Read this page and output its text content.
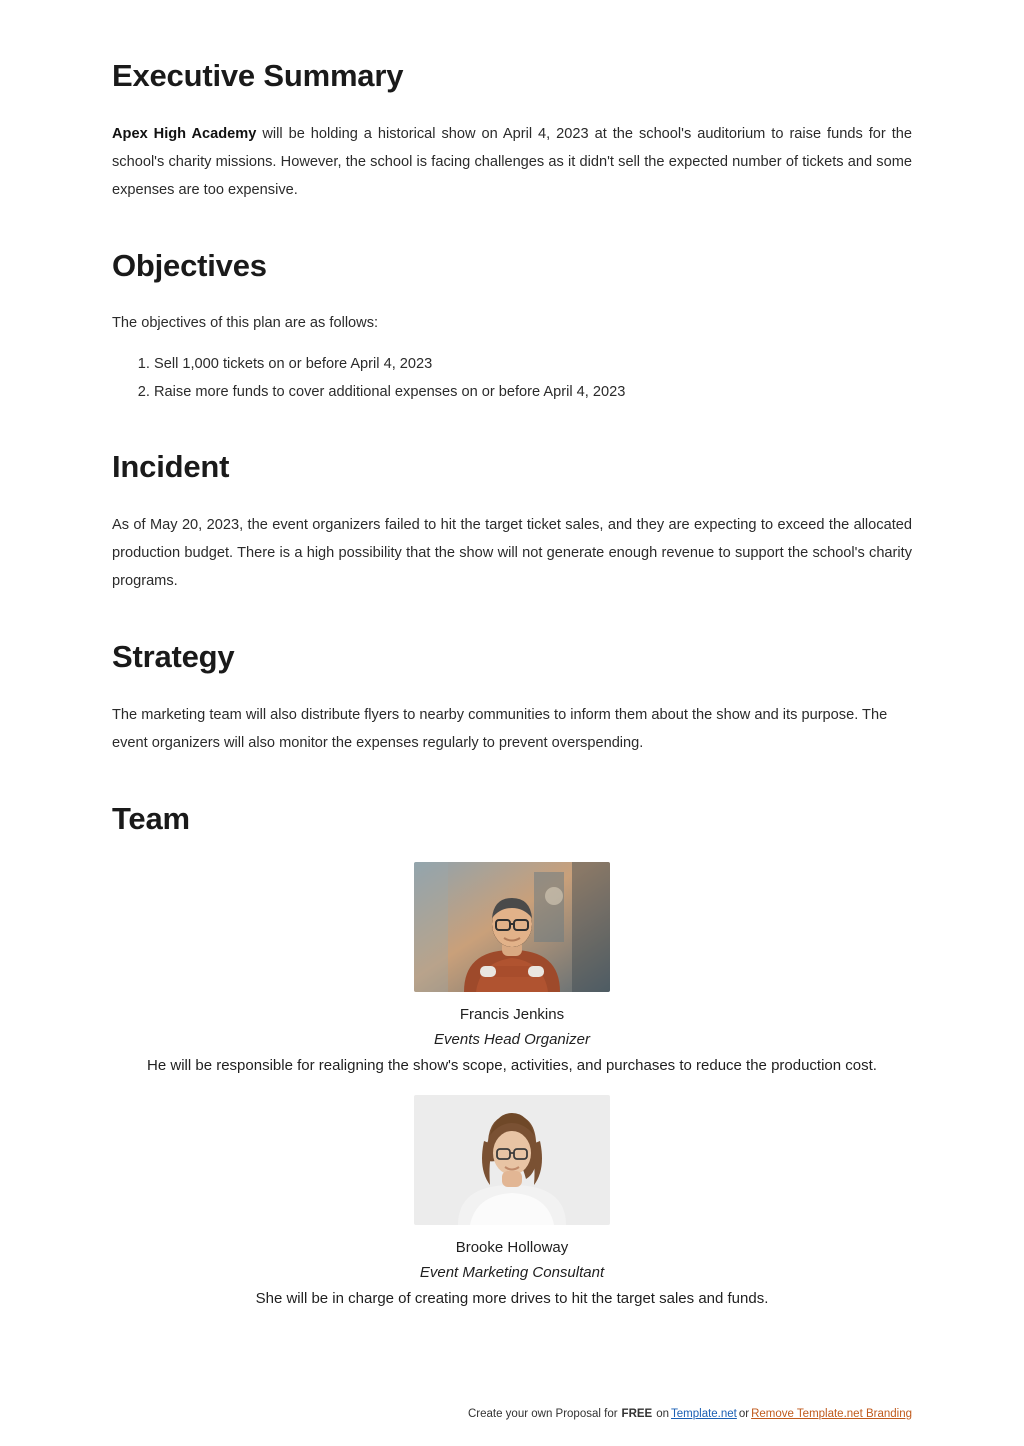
Executive Summary

Apex High Academy will be holding a historical show on April 4, 2023 at the school's auditorium to raise funds for the school's charity missions. However, the school is facing challenges as it didn't sell the expected number of tickets and some expenses are too expensive.

Objectives

The objectives of this plan are as follows:

1. Sell 1,000 tickets on or before April 4, 2023
2. Raise more funds to cover additional expenses on or before April 4, 2023
Incident

As of May 20, 2023, the event organizers failed to hit the target ticket sales, and they are expecting to exceed the allocated production budget. There is a high possibility that the show will not generate enough revenue to support the school's charity programs.

Strategy

The marketing team will also distribute flyers to nearby communities to inform them about the show and its purpose. The event organizers will also monitor the expenses regularly to prevent overspending.

Team
Francis Jenkins
Events Head Organizer
He will be responsible for realigning the show's scope, activities, and purchases to reduce the production cost.
Brooke Holloway
Event Marketing Consultant
She will be in charge of creating more drives to hit the target sales and funds.
Create your own Proposal for FREE on Template.net or Remove Template.net Branding
